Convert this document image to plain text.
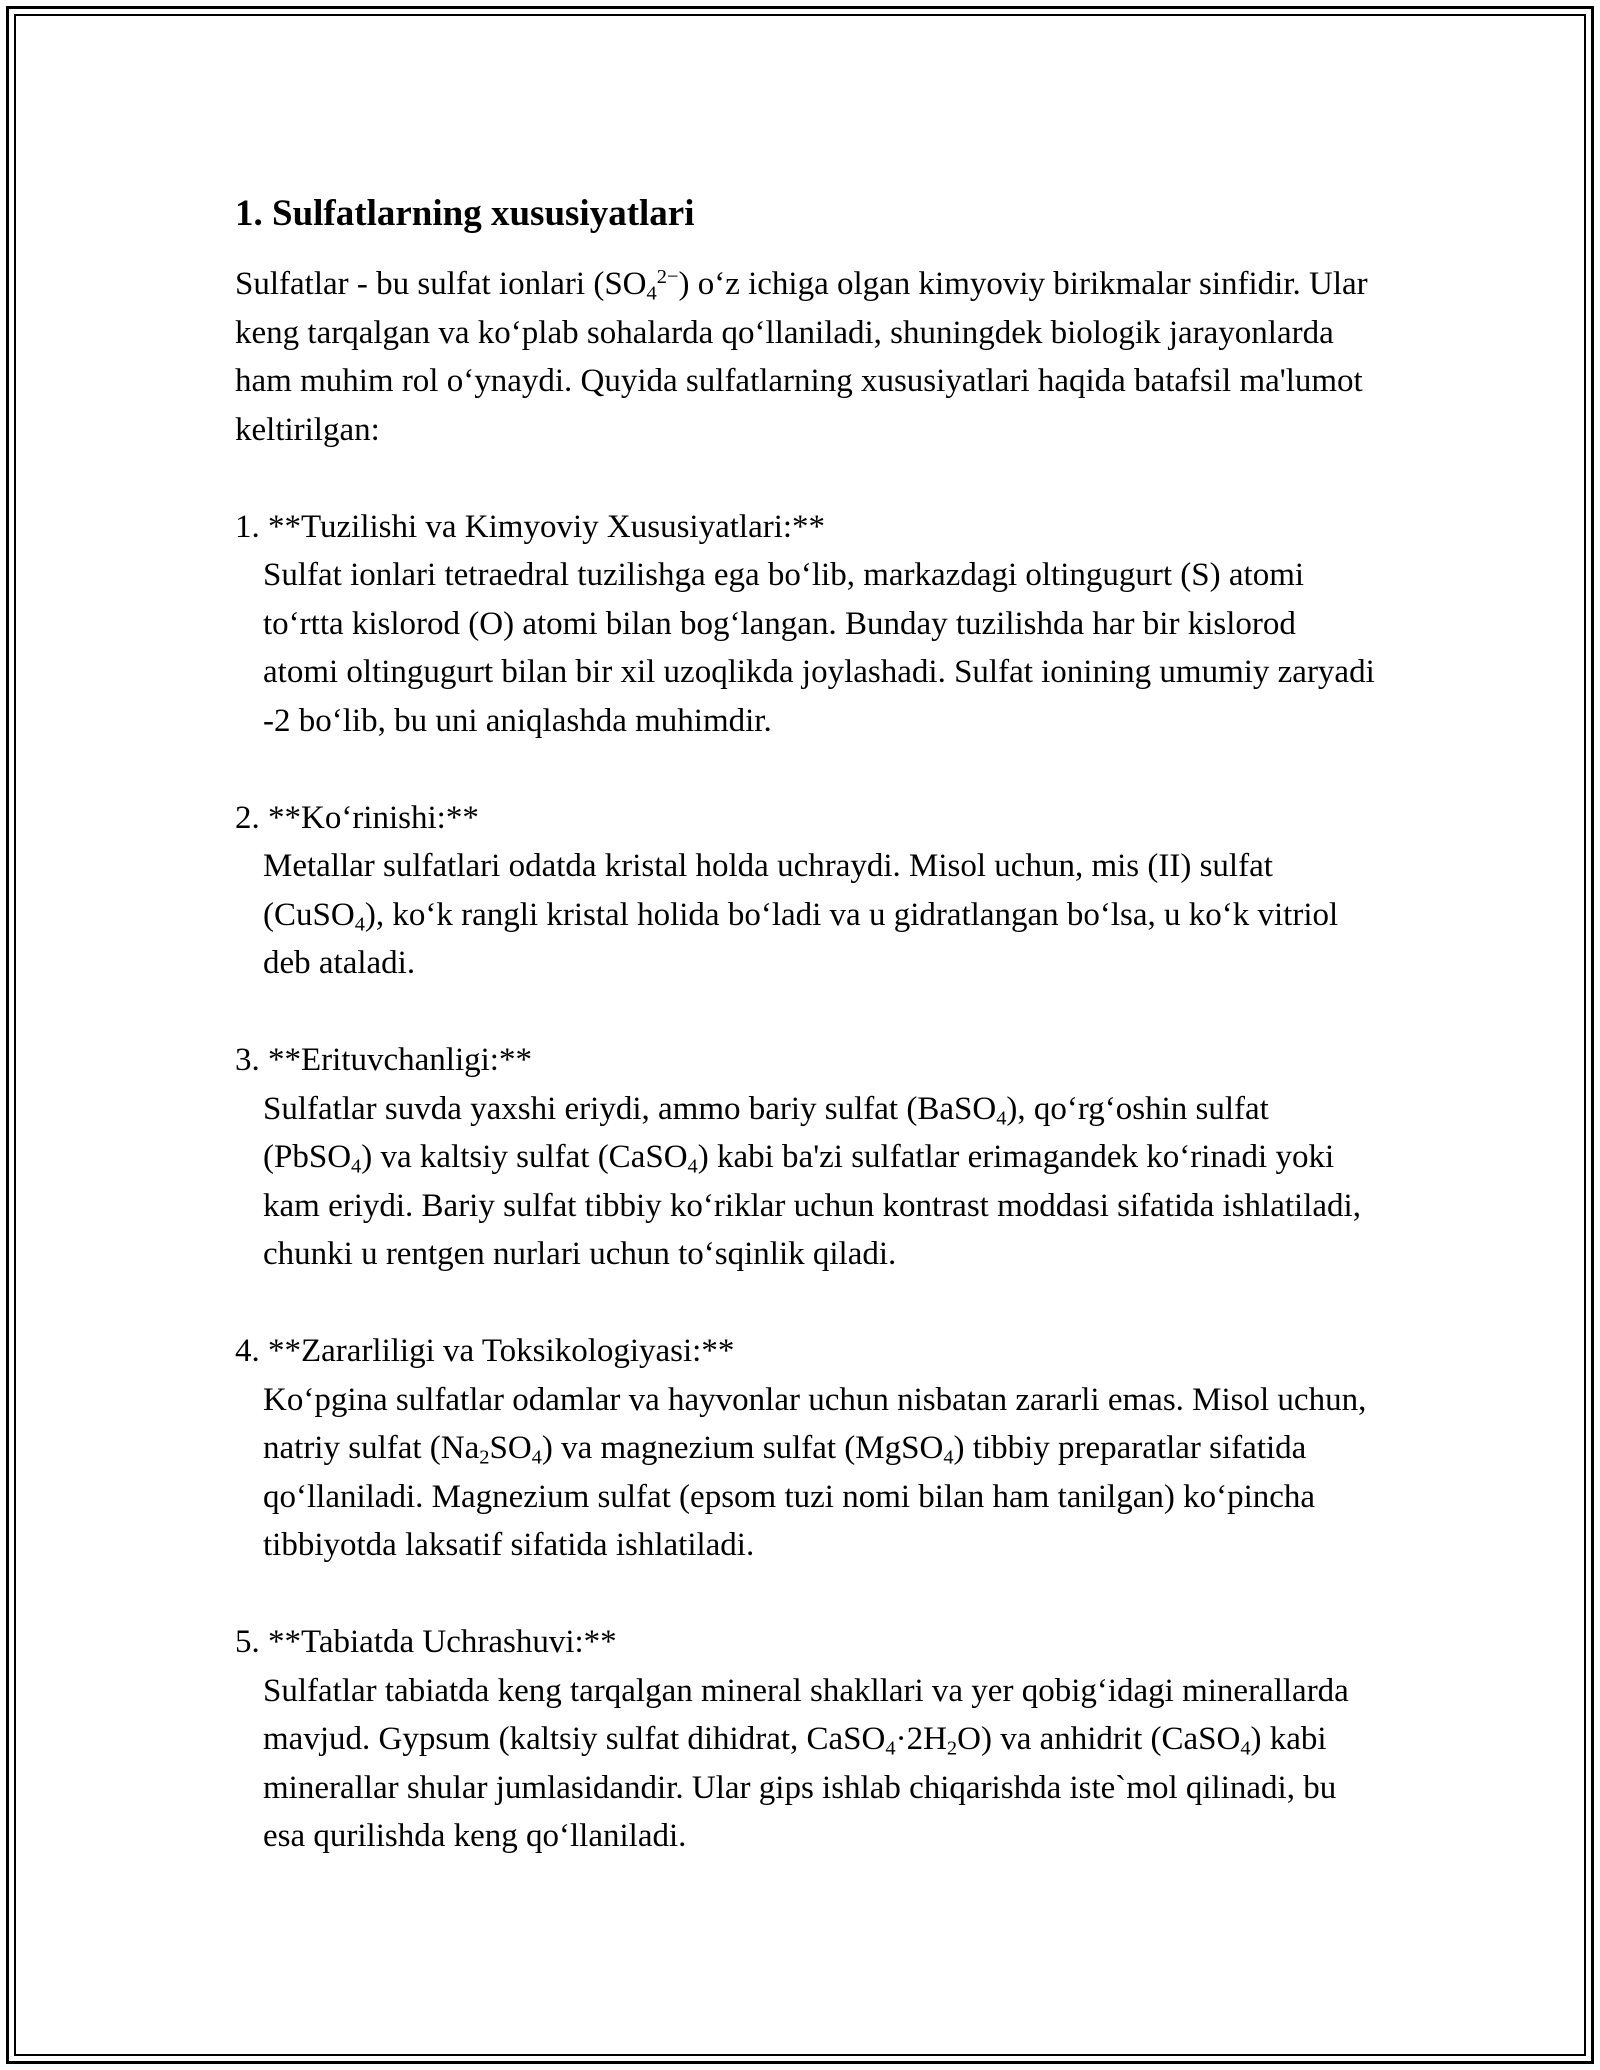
1. Sulfatlarning xususiyatlari

Sulfatlar - bu sulfat ionlari $(SO_4^{2-})$ o‘z ichiga olgan kimyoviy birikmalar sinfidir. Ular keng tarqalgan va ko‘plab sohalarda qo‘llaniladi, shuningdek biologik jarayonlarda ham muhim rol o‘ynaydi. Quyida sulfatlarning xususiyatlari haqida batafsil ma'lumot keltirilgan:

1. **Tuzilishi va Kimyoviy Xususiyatlari:**

Sulfat ionlari tetraedral tuzilishga ega bo‘lib, markazdagi oltingugurt (S) atomi to‘rtta kislorod (O) atomi bilan bog‘langan. Bunday tuzilishda har bir kislorod atomi oltingugurt bilan bir xil uzoqlikda joylashadi. Sulfat ionining umumiy zaryadi -2 bo‘lib, bu uni aniqlashda muhimdir.

2. **Ko‘rinishi:**

Metallar sulfatlari odatda kristal holda uchraydi. Misol uchun, mis (II) sulfat (CuSO$_4$), ko‘k rangli kristal holida bo‘ladi va u gidratlangan bo‘lsa, u ko‘k vitriol deb ataladi.

3. **Erituvchanligi:**

Sulfatlar suvda yaxshi eriydi, ammo bariy sulfat (BaSO$_4$), qo‘rg‘oshin sulfat (PbSO$_4$) va kaltsiy sulfat (CaSO$_4$) kabi ba'zi sulfatlar erimagandek ko‘rinadi yoki kam eriydi. Bariy sulfat tibbiy ko‘riklar uchun kontrast moddasi sifatida ishlatiladi, chunki u rentgen nurlari uchun to‘sqinlik qiladi.

4. **Zararliligi va Toksikologiyasi:**

Ko‘pgina sulfatlar odamlar va hayvonlar uchun nisbatan zararli emas. Misol uchun, natriy sulfat $(Na_2SO_4)$ va magnezium sulfat (MgSO$_4$) tibbiy preparatlar sifatida qo‘llaniladi. Magnezium sulfat (epsom tuzi nomi bilan ham tanilgan) ko‘pincha tibbiyotda laksatif sifatida ishlatiladi.

5. **Tabiatda Uchrashuvi:**

Sulfatlar tabiatda keng tarqalgan mineral shakllari va yer qobig‘idagi minerallarda mavjud. Gypsum (kaltsiy sulfat dihidrat, $CaSO_4\cdot 2H_2O$) va anhidrit (CaSO$_4$) kabi minerallar shular jumlasidandir. Ular gips ishlab chiqarishda iste`mol qilinadi, bu esa qurilishda keng qo‘llaniladi.
